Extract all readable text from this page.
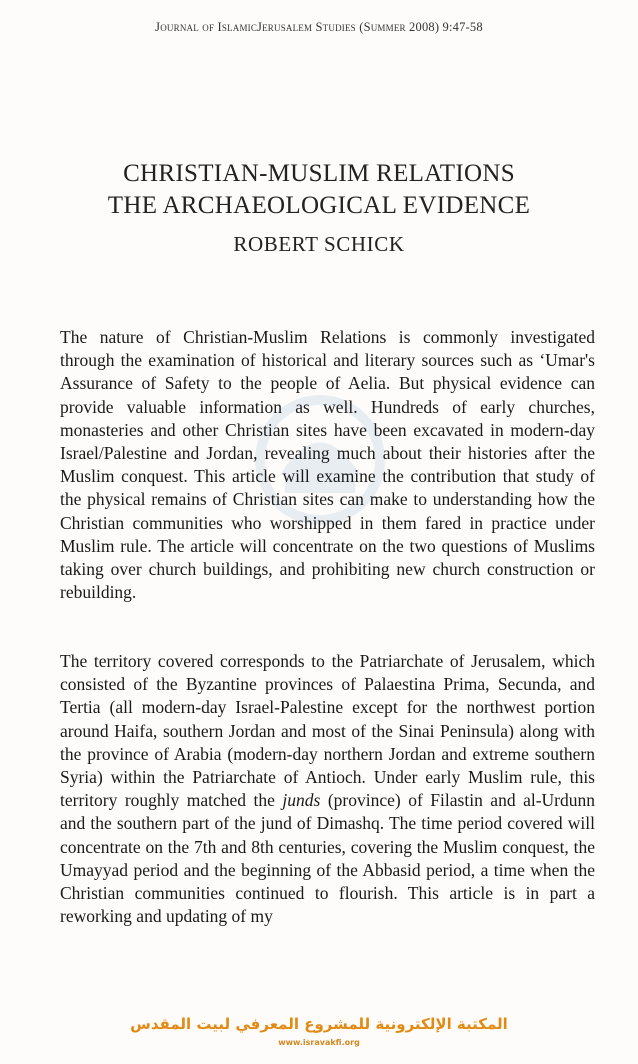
Journal of IslamicJerusalem Studies (Summer 2008) 9:47-58
CHRISTIAN-MUSLIM RELATIONS
THE ARCHAEOLOGICAL EVIDENCE
ROBERT SCHICK

The nature of Christian-Muslim Relations is commonly investigated through the examination of historical and literary sources such as ‘Umar's Assurance of Safety to the people of Aelia. But physical evidence can provide valuable information as well. Hundreds of early churches, monasteries and other Christian sites have been excavated in modern-day Israel/Palestine and Jordan, revealing much about their histories after the Muslim conquest. This article will examine the contribution that study of the physical remains of Christian sites can make to understanding how the Christian communities who worshipped in them fared in practice under Muslim rule. The article will concentrate on the two questions of Muslims taking over church buildings, and prohibiting new church construction or rebuilding.

The territory covered corresponds to the Patriarchate of Jerusalem, which consisted of the Byzantine provinces of Palaestina Prima, Secunda, and Tertia (all modern-day Israel-Palestine except for the northwest portion around Haifa, southern Jordan and most of the Sinai Peninsula) along with the province of Arabia (modern-day northern Jordan and extreme southern Syria) within the Patriarchate of Antioch. Under early Muslim rule, this territory roughly matched the junds (province) of Filastin and al-Urdunn and the southern part of the jund of Dimashq. The time period covered will concentrate on the 7th and 8th centuries, covering the Muslim conquest, the Umayyad period and the beginning of the Abbasid period, a time when the Christian communities continued to flourish. This article is in part a reworking and updating of my

المكتبة الإلكترونية للمشروع المعرفي لبيت المقدس
www.isravakfi.org
